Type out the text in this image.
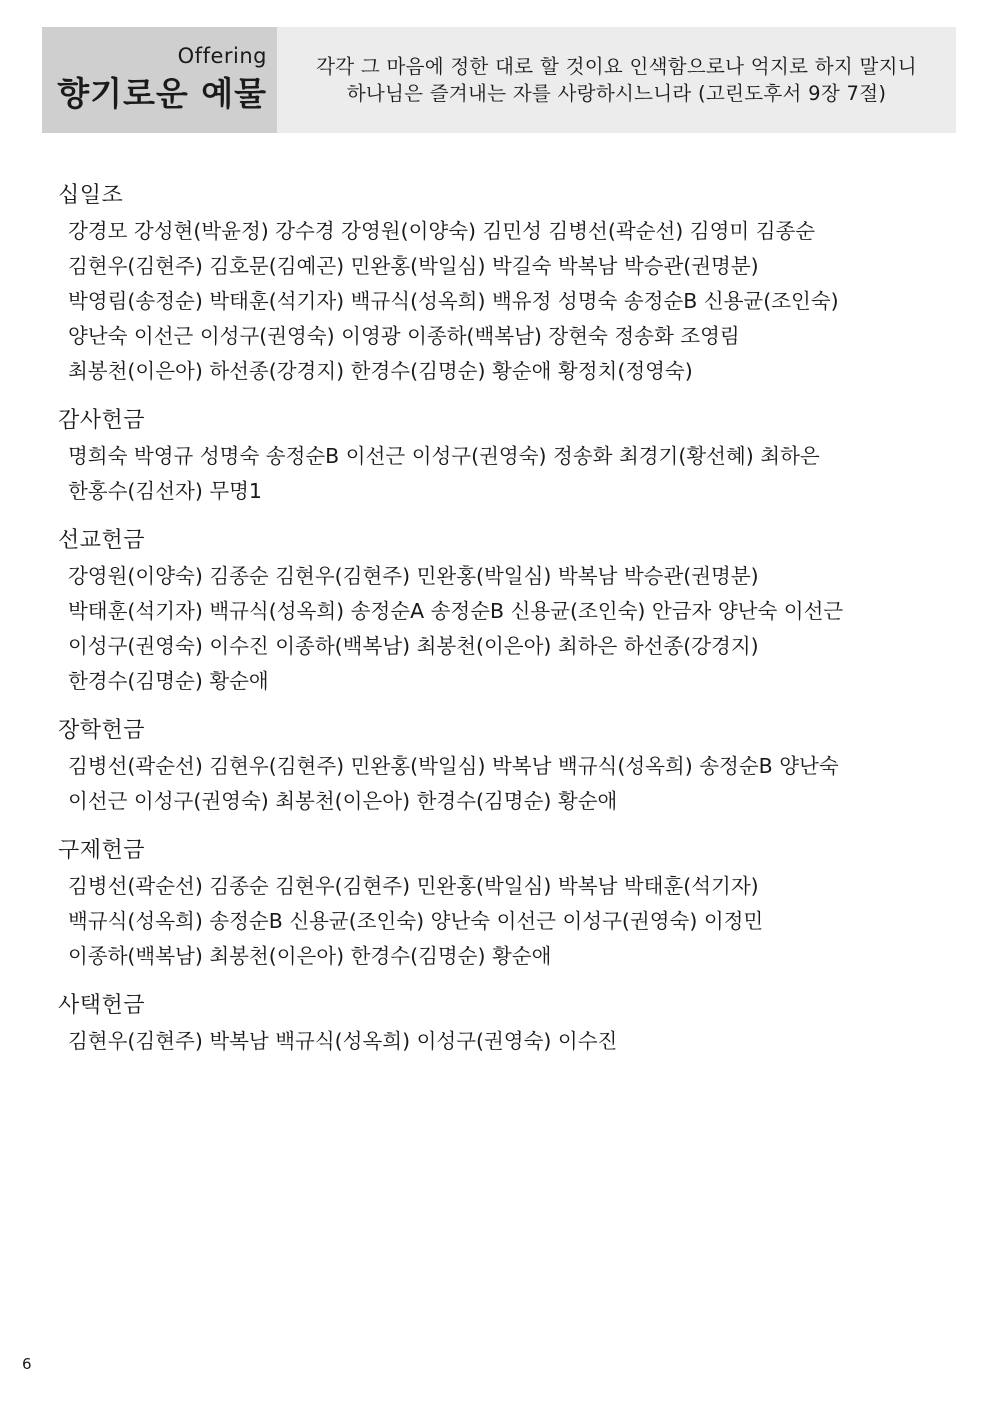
Offering
향기로운 예물
각각 그 마음에 정한 대로 할 것이요 인색함으로나 억지로 하지 말지니
하나님은 즐겨내는 자를 사랑하시느니라 (고린도후서 9장 7절)
십일조
강경모 강성현(박윤정) 강수경 강영원(이양숙) 김민성 김병선(곽순선) 김영미 김종순
김현우(김현주) 김호문(김예곤) 민완홍(박일심) 박길숙 박복남 박승관(권명분)
박영림(송정순) 박태훈(석기자) 백규식(성옥희) 백유정 성명숙 송정순B 신용균(조인숙)
양난숙 이선근 이성구(권영숙) 이영광 이종하(백복남) 장현숙 정송화 조영림
최봉천(이은아) 하선종(강경지) 한경수(김명순) 황순애 황정치(정영숙)
감사헌금
명희숙 박영규 성명숙 송정순B 이선근 이성구(권영숙) 정송화 최경기(황선혜) 최하은
한홍수(김선자) 무명1
선교헌금
강영원(이양숙) 김종순 김현우(김현주) 민완홍(박일심) 박복남 박승관(권명분)
박태훈(석기자) 백규식(성옥희) 송정순A 송정순B 신용균(조인숙) 안금자 양난숙 이선근
이성구(권영숙) 이수진 이종하(백복남) 최봉천(이은아) 최하은 하선종(강경지)
한경수(김명순) 황순애
장학헌금
김병선(곽순선) 김현우(김현주) 민완홍(박일심) 박복남 백규식(성옥희) 송정순B 양난숙
이선근 이성구(권영숙) 최봉천(이은아) 한경수(김명순) 황순애
구제헌금
김병선(곽순선) 김종순 김현우(김현주) 민완홍(박일심) 박복남 박태훈(석기자)
백규식(성옥희) 송정순B 신용균(조인숙) 양난숙 이선근 이성구(권영숙) 이정민
이종하(백복남) 최봉천(이은아) 한경수(김명순) 황순애
사택헌금
김현우(김현주) 박복남 백규식(성옥희) 이성구(권영숙) 이수진
6
